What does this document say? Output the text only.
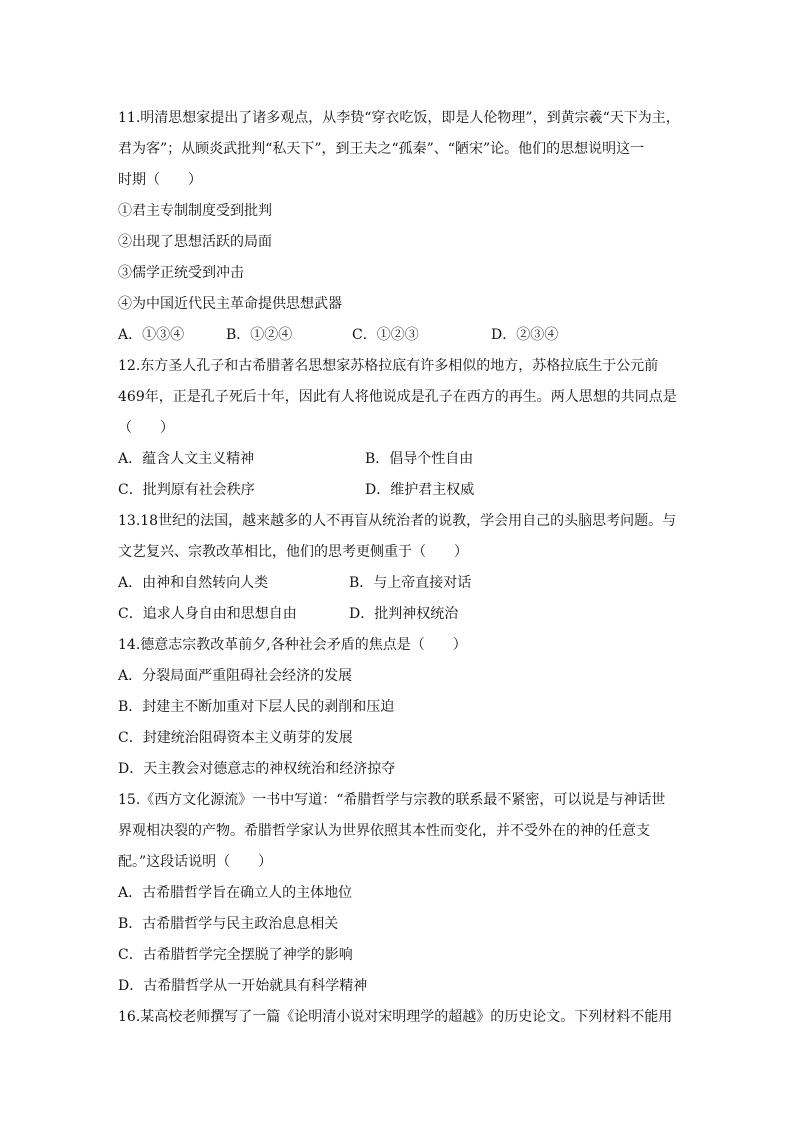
11.明清思想家提出了诸多观点，从李贽“穿衣吃饭，即是人伦物理”，到黄宗羲“天下为主，
君为客”；从顾炎武批判“私天下”，到王夫之“孤秦”、“陋宋”论。他们的思想说明这一
时期（　　）
①君主专制制度受到批判
②出现了思想活跃的局面
③儒学正统受到冲击
④为中国近代民主革命提供思想武器
A．①③④	B．①②④	C．①②③	D．②③④
12.东方圣人孔子和古希腊著名思想家苏格拉底有许多相似的地方，苏格拉底生于公元前
469年，正是孔子死后十年，因此有人将他说成是孔子在西方的再生。两人思想的共同点是
（　　）
A．蕴含人文主义精神	B．倡导个性自由
C．批判原有社会秩序	D．维护君主权威
13.18世纪的法国，越来越多的人不再盲从统治者的说教，学会用自己的头脑思考问题。与
文艺复兴、宗教改革相比，他们的思考更侧重于（　　）
A．由神和自然转向人类	B．与上帝直接对话
C．追求人身自由和思想自由	D．批判神权统治
14.德意志宗教改革前夕,各种社会矛盾的焦点是（　　）
A．分裂局面严重阻碍社会经济的发展
B．封建主不断加重对下层人民的剥削和压迫
C．封建统治阻碍资本主义萌芽的发展
D．天主教会对德意志的神权统治和经济掠夺
15.《西方文化源流》一书中写道：“希腊哲学与宗教的联系最不紧密，可以说是与神话世
界观相决裂的产物。希腊哲学家认为世界依照其本性而变化，并不受外在的神的任意支
配。”这段话说明（　　）
A．古希腊哲学旨在确立人的主体地位
B．古希腊哲学与民主政治息息相关
C．古希腊哲学完全摆脱了神学的影响
D．古希腊哲学从一开始就具有科学精神
16.某高校老师撰写了一篇《论明清小说对宋明理学的超越》的历史论文。下列材料不能用
